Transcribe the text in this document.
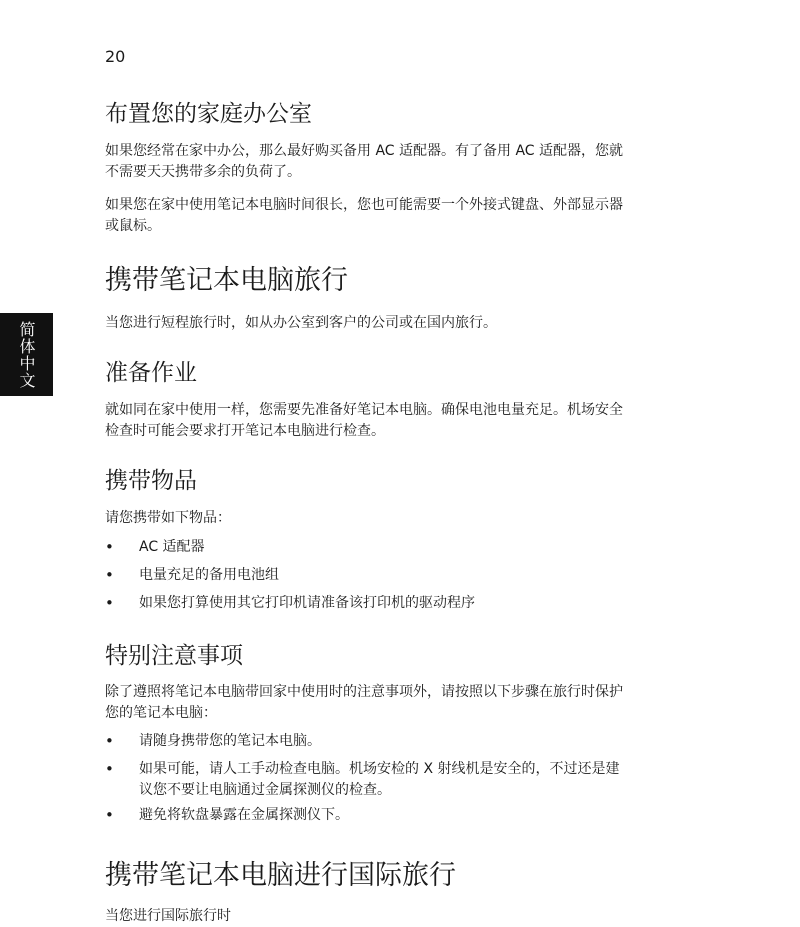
20
简体中文
布置您的家庭办公室

如果您经常在家中办公，那么最好购买备用 AC 适配器。有了备用 AC 适配器，您就
不需要天天携带多余的负荷了。

如果您在家中使用笔记本电脑时间很长，您也可能需要一个外接式键盘、外部显示器
或鼠标。

携带笔记本电脑旅行

当您进行短程旅行时，如从办公室到客户的公司或在国内旅行。

准备作业

就如同在家中使用一样，您需要先准备好笔记本电脑。确保电池电量充足。机场安全
检查时可能会要求打开笔记本电脑进行检查。

携带物品

请您携带如下物品：

• AC 适配器
• 电量充足的备用电池组
• 如果您打算使用其它打印机请准备该打印机的驱动程序
特别注意事项

除了遵照将笔记本电脑带回家中使用时的注意事项外，请按照以下步骤在旅行时保护
您的笔记本电脑：

• 请随身携带您的笔记本电脑。
• 如果可能，请人工手动检查电脑。机场安检的 X 射线机是安全的，不过还是建
议您不要让电脑通过金属探测仪的检查。
• 避免将软盘暴露在金属探测仪下。
携带笔记本电脑进行国际旅行

当您进行国际旅行时
